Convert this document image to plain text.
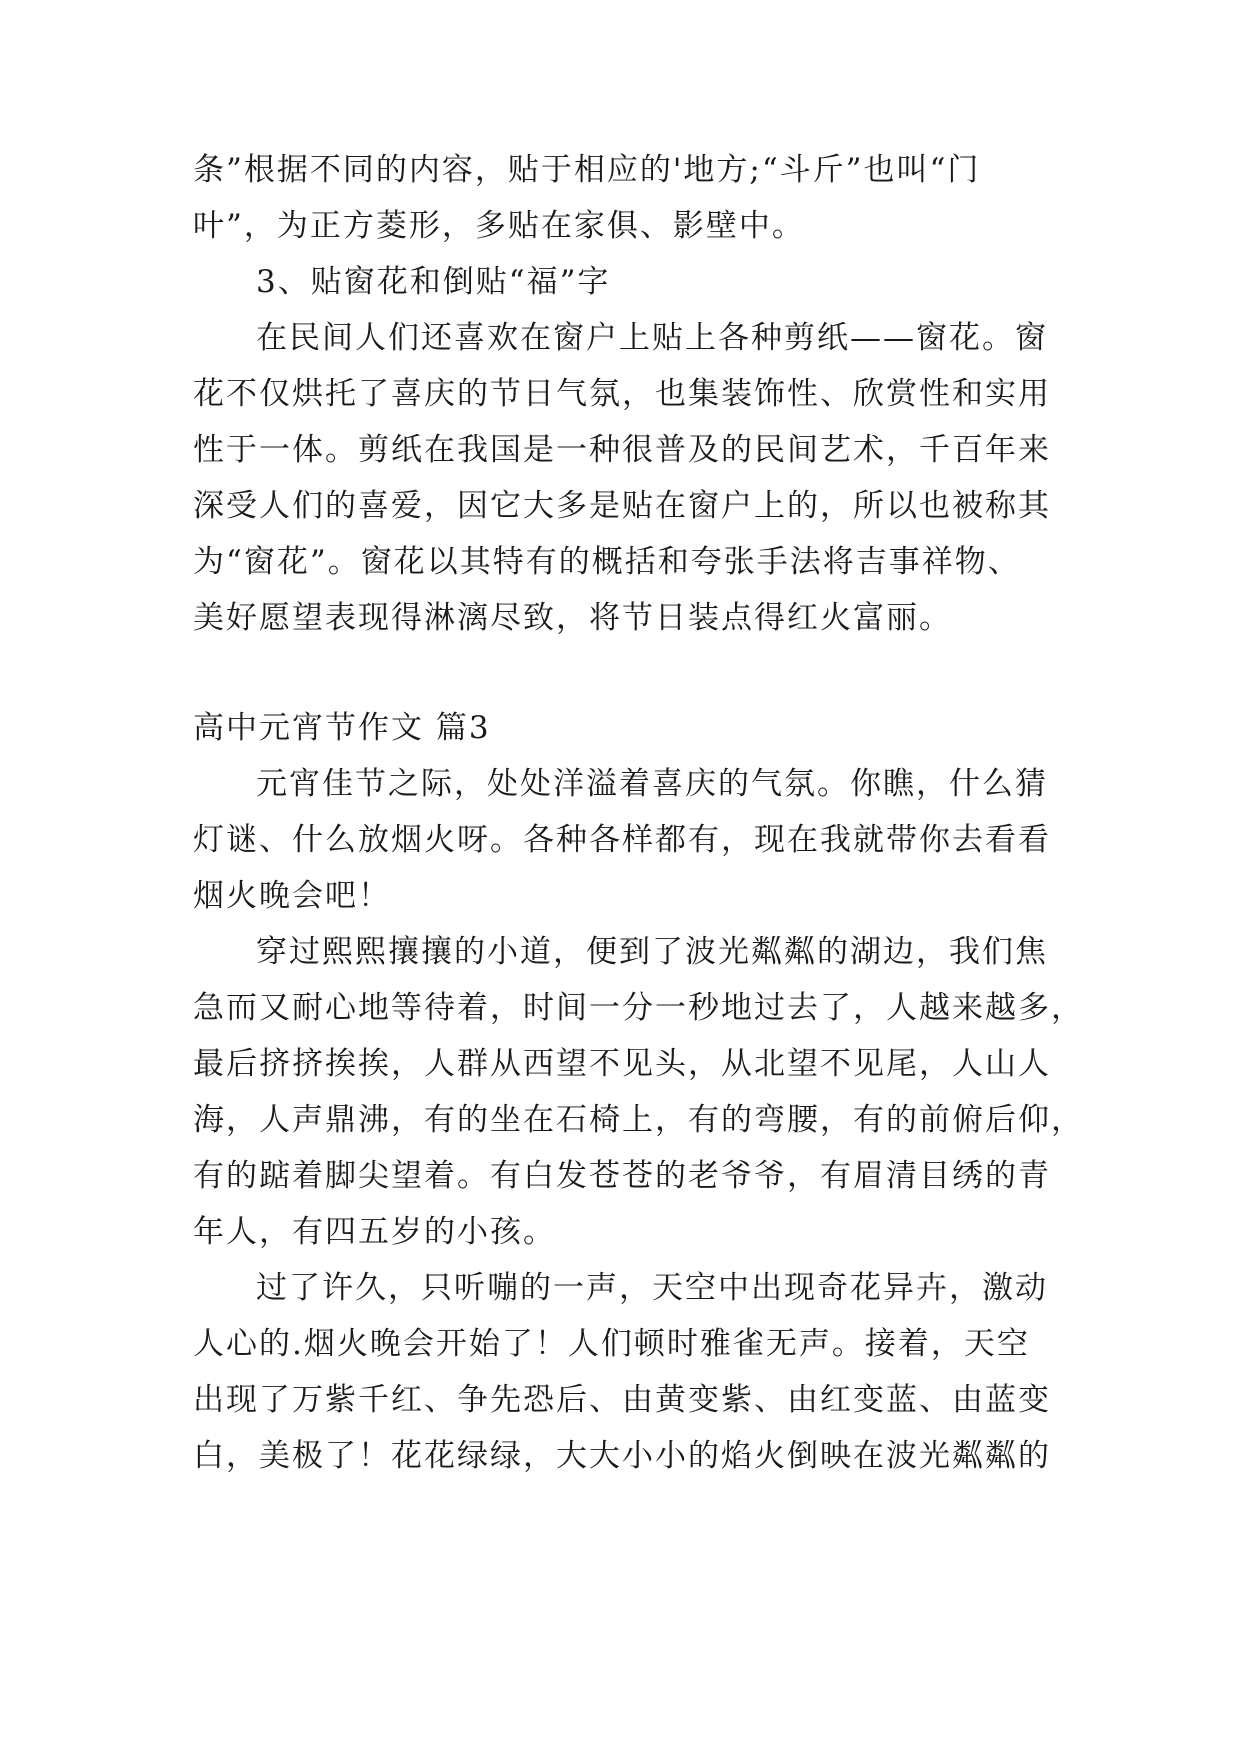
条”根据不同的内容，贴于相应的'地方;“斗斤”也叫“门
叶”，为正方菱形，多贴在家俱、影壁中。
3、贴窗花和倒贴“福”字
在民间人们还喜欢在窗户上贴上各种剪纸——窗花。窗
花不仅烘托了喜庆的节日气氛，也集装饰性、欣赏性和实用
性于一体。剪纸在我国是一种很普及的民间艺术，千百年来
深受人们的喜爱，因它大多是贴在窗户上的，所以也被称其
为“窗花”。窗花以其特有的概括和夸张手法将吉事祥物、
美好愿望表现得淋漓尽致，将节日装点得红火富丽。
高中元宵节作文 篇3
元宵佳节之际，处处洋溢着喜庆的气氛。你瞧，什么猜
灯谜、什么放烟火呀。各种各样都有，现在我就带你去看看
烟火晚会吧！
穿过熙熙攘攘的小道，便到了波光粼粼的湖边，我们焦
急而又耐心地等待着，时间一分一秒地过去了，人越来越多，
最后挤挤挨挨，人群从西望不见头，从北望不见尾，人山人
海，人声鼎沸，有的坐在石椅上，有的弯腰，有的前俯后仰，
有的踮着脚尖望着。有白发苍苍的老爷爷，有眉清目绣的青
年人，有四五岁的小孩。
过了许久，只听嘣的一声，天空中出现奇花异卉，激动
人心的.烟火晚会开始了！人们顿时雅雀无声。接着，天空
出现了万紫千红、争先恐后、由黄变紫、由红变蓝、由蓝变
白，美极了！花花绿绿，大大小小的焰火倒映在波光粼粼的
